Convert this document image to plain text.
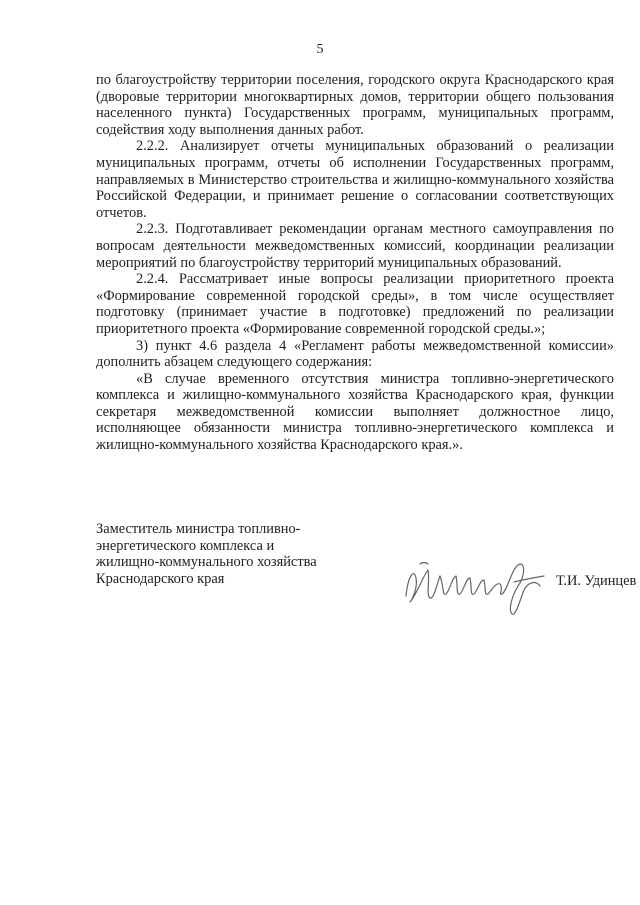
5

по благоустройству территории поселения, городского округа Краснодарского края (дворовые территории многоквартирных домов, территории общего пользования населенного пункта) Государственных программ, муниципальных программ, содействия ходу выполнения данных работ.

2.2.2. Анализирует отчеты муниципальных образований о реализации муниципальных программ, отчеты об исполнении Государственных программ, направляемых в Министерство строительства и жилищно-коммунального хозяйства Российской Федерации, и принимает решение о согласовании соответствующих отчетов.

2.2.3. Подготавливает рекомендации органам местного самоуправления по вопросам деятельности межведомственных комиссий, координации реализации мероприятий по благоустройству территорий муниципальных образований.

2.2.4. Рассматривает иные вопросы реализации приоритетного проекта «Формирование современной городской среды», в том числе осуществляет подготовку (принимает участие в подготовке) предложений по реализации приоритетного проекта «Формирование современной городской среды.»;

3) пункт 4.6 раздела 4 «Регламент работы межведомственной комиссии» дополнить абзацем следующего содержания:

«В случае временного отсутствия министра топливно-энергетического комплекса и жилищно-коммунального хозяйства Краснодарского края, функции секретаря межведомственной комиссии выполняет должностное лицо, исполняющее обязанности министра топливно-энергетического комплекса и жилищно-коммунального хозяйства Краснодарского края.».

Заместитель министра топливно-
энергетического комплекса и
жилищно-коммунального хозяйства
Краснодарского края	Т.И. Удинцев
